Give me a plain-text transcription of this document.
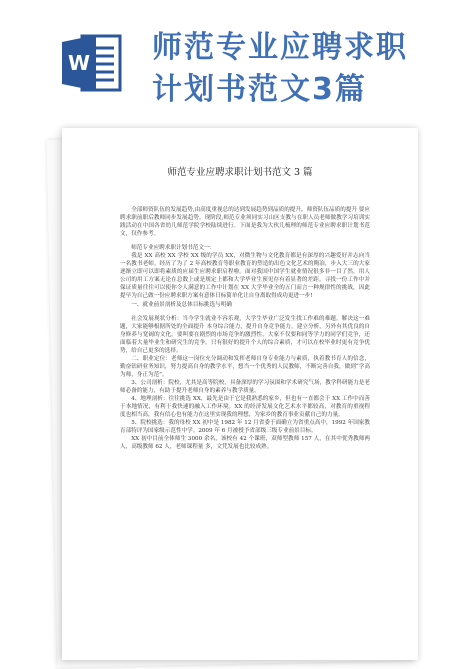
W 师范专业应聘求职
计划书范文3篇
师范专业应聘求职计划书范文 3 篇

全部师资队伍的发展趋势,由高度重视总的达到发展趋势到品质的提升，师资队伍品质的提升 要应聘求职前职后教师同步发展趋势。现阶段,师范专业须同实习山区支教与在职人员老师做教学习培训实践活动在中国各省幼儿师范学院学校陆续进行。下面是我为大伙儿梳理的师范专业应聘求职计划书范文，仅作参考。

师范专业应聘求职计划书范文一：

我是 XX 高校 XX 学校 XX 级的学员 XX，对微生物与文化教育都是有深厚的兴趣爱好并志向当一名教书老师。经历了为了 2 年高校教育等职业教育的塑造的出色文化艺术的陶冶，步入大三的大家逐渐立即可以即将素质的应届生应聘求职启程啦。面对我国中国学生就业情况很多非一目了然，用人公司的用工方案无论在总数上或是规定上都和大学毕业生预见存有着显著的差距。寻找一份工作中并保证质量往往可以使你令人满意的工作中计划在 XX 大学毕业全的五门而言一种规律性的挑战，因此提早为自己做一份应聘求职方案有意体日标简单化让自身离取得成功更进一步!

一、就业前景剖析及总体目标挑选与明确

社会发展现状分析：当今学生就业不容乐观，大学生毕业广泛发生找工作难的难题。解决这一难题，大家能够根据所处的全面提升 本身综合能力，提升自身竞争能力，建立分析，另外有其优良的自身修养与宽阔的文化，要叫要在剧烈的市场竞争的激烈性，大家不仅要和同等学力的同学们竞争，还面临着大量毕业生和研究生的竞争。只有很好的提升个人的综合素质，才可以在校毕业时更有竞争优势，给自己更多的选择。

二、职业定位：老师这一岗位充分调动和发挥老师自身专业能力与素质，执着教书育人的信念，勤奋钻研业务知识，努力提高自身的教学水平，想当一个优秀的人民教师，不断完善自我，做到“学高为师，身正为范”。

3、公司剖析：院校，尤其是高等院校，具备深厚的学习氛围和学术研究气场，教学科研能力是老师必备的能力，有助于提升老师自身的素养与教学质量。

4、地理剖析：往往挑选 XX，最先是由于它是我熟悉的家乡，但也有一直都会于 XX 工作中而善于本地情况，有利于我快速的融入工作环境。XX 的经济发展文化艺术水平都较高，对教育的重视程度也相当高，我有信心也有能力在这里实现我的理想，为家乡的教育事业贡献自己的力量。

5、院校挑选：我的母校 XX 初中是 1982 年 12 月省委于面确立为省重点高中，1992 年国家教育部特评为国家级示范性中学。2009 年 6 月被授予省部级三级专业前景目标。

XX 初中目前全体师生 3000 余名，该校有 42 个课班，双师型教师 157 人，在其中优秀教师两人，高级教师 62 人，老师课程量 多，文凭发展也比较成熟。
